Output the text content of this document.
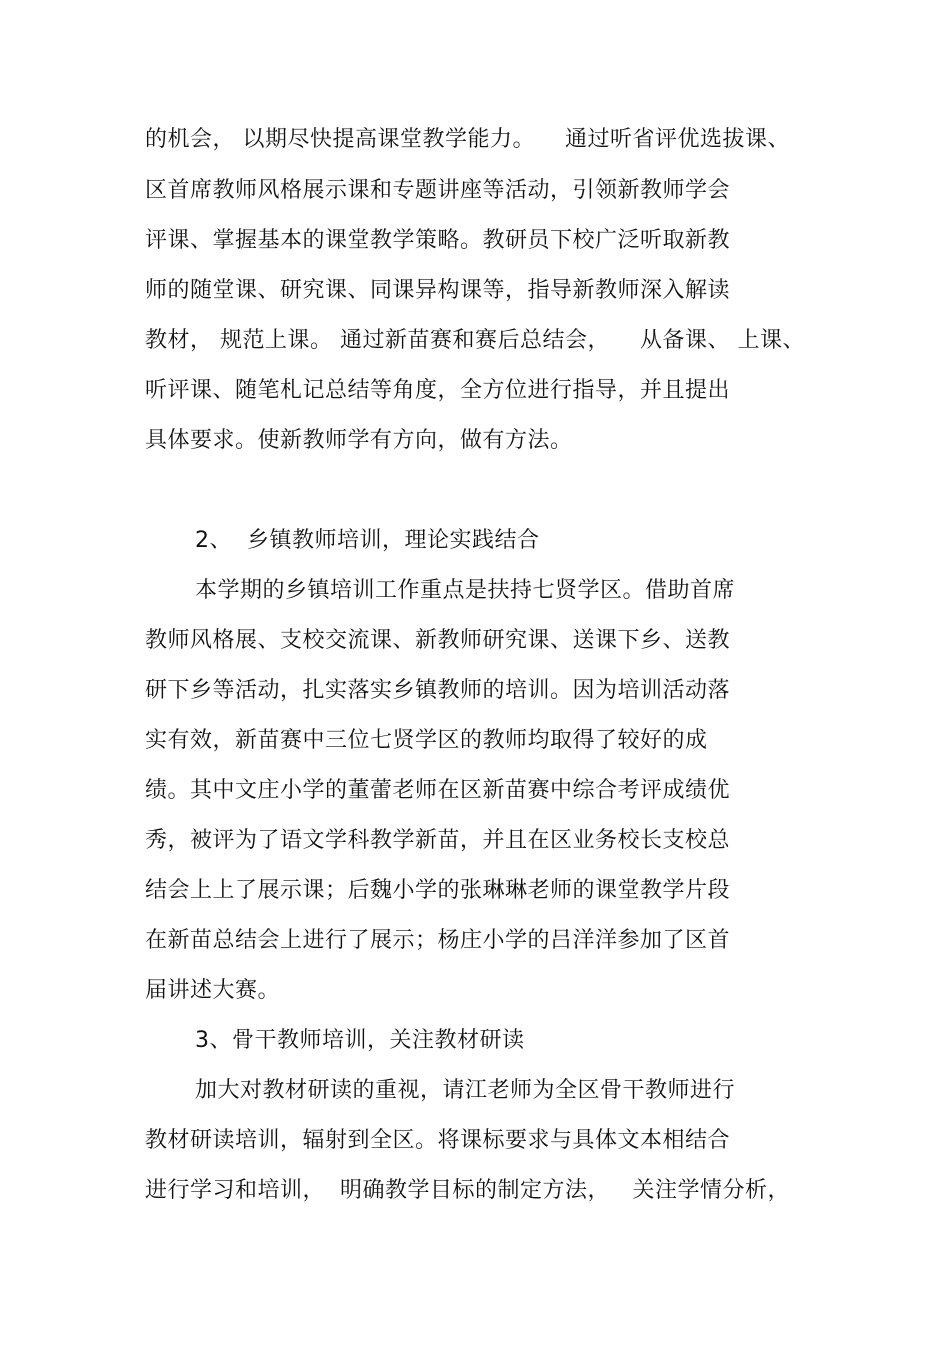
的机会， 以期尽快提高课堂教学能力。    通过听省评优选拔课、
区首席教师风格展示课和专题讲座等活动，引领新教师学会
评课、掌握基本的课堂教学策略。教研员下校广泛听取新教
师的随堂课、研究课、同课异构课等，指导新教师深入解读
教材， 规范上课。 通过新苗赛和赛后总结会，    从备课、 上课、
听评课、随笔札记总结等角度，全方位进行指导，并且提出
具体要求。使新教师学有方向，做有方法。
2、  乡镇教师培训，理论实践结合
本学期的乡镇培训工作重点是扶持七贤学区。借助首席
教师风格展、支校交流课、新教师研究课、送课下乡、送教
研下乡等活动，扎实落实乡镇教师的培训。因为培训活动落
实有效，新苗赛中三位七贤学区的教师均取得了较好的成
绩。其中文庄小学的董蕾老师在区新苗赛中综合考评成绩优
秀，被评为了语文学科教学新苗，并且在区业务校长支校总
结会上上了展示课；后魏小学的张琳琳老师的课堂教学片段
在新苗总结会上进行了展示；杨庄小学的吕洋洋参加了区首
届讲述大赛。
3、骨干教师培训，关注教材研读
加大对教材研读的重视，请江老师为全区骨干教师进行
教材研读培训，辐射到全区。将课标要求与具体文本相结合
进行学习和培训，  明确教学目标的制定方法，   关注学情分析，
